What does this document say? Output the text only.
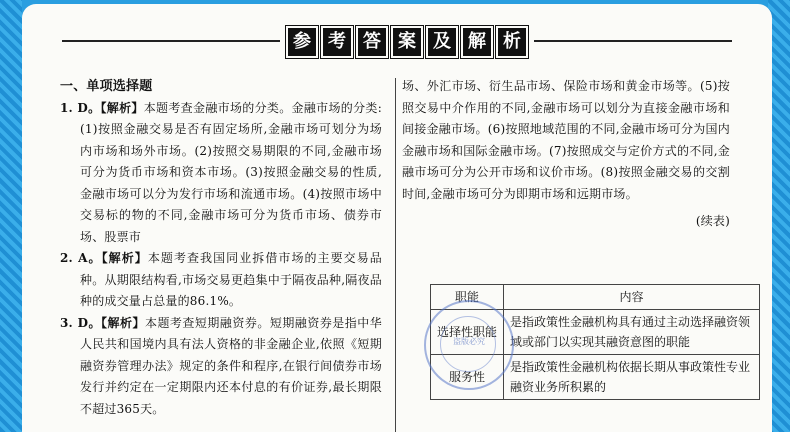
参 考 答 案 及 解 析
一、单项选择题

1. D。【解析】本题考查金融市场的分类。金融市场的分类:(1)按照金融交易是否有固定场所,金融市场可划分为场内市场和场外市场。(2)按照交易期限的不同,金融市场可分为货币市场和资本市场。(3)按照金融交易的性质,金融市场可以分为发行市场和流通市场。(4)按照市场中交易标的物的不同,金融市场可分为货币市场、债券市场、股票市

2. A。【解析】本题考查我国同业拆借市场的主要交易品种。从期限结构看,市场交易更趋集中于隔夜品种,隔夜品种的成交量占总量的86.1%。

3. D。【解析】本题考查短期融资券。短期融资券是指中华人民共和国境内具有法人资格的非金融企业,依照《短期融资券管理办法》规定的条件和程序,在银行间债券市场发行并约定在一定期限内还本付息的有价证券,最长期限不超过365天。

场、外汇市场、衍生品市场、保险市场和黄金市场等。(5)按照交易中介作用的不同,金融市场可以划分为直接金融市场和间接金融市场。(6)按照地域范围的不同,金融市场可分为国内金融市场和国际金融市场。(7)按照成交与定价方式的不同,金融市场可分为公开市场和议价市场。(8)按照金融交易的交割时间,金融市场可分为即期市场和远期市场。

(续表)
职能	内容
选择性职能	是指政策性金融机构具有通过主动选择融资领域或部门以实现其融资意图的职能
服务性	是指政策性金融机构依据长期从事政策性专业融资业务所积累的
盗版必究
